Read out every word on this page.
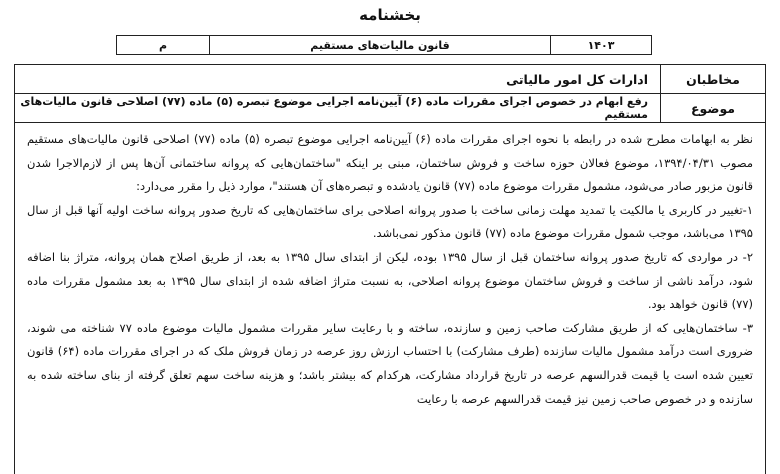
بخشنامه
۱۴۰۳
قانون مالیات‌های مستقیم
م
مخاطبان
ادارات کل امور مالیاتی
موضوع
رفع ابهام در خصوص اجرای مقررات ماده (۶) آیین‌نامه اجرایی موضوع تبصره (۵) ماده (۷۷) اصلاحی قانون مالیات‌های مستقیم

نظر به ابهامات مطرح شده در رابطه با نحوه اجرای مقررات ماده (۶) آیین‌نامه اجرایی موضوع تبصره (۵) ماده (۷۷) اصلاحی قانون مالیات‌های مستقیم مصوب ۱۳۹۴/۰۴/۳۱، موضوع فعالان حوزه ساخت و فروش ساختمان، مبنی بر اینکه "ساختمان‌هایی که پروانه ساختمانی آن‌ها پس از لازم‌الاجرا شدن قانون مزبور صادر می‌شود، مشمول مقررات موضوع ماده (۷۷) قانون یادشده و تبصره‌های آن هستند"، موارد ذیل را مقرر می‌دارد:

۱-تغییر در کاربری یا مالکیت یا تمدید مهلت زمانی ساخت با صدور پروانه اصلاحی برای ساختمان‌هایی که تاریخ صدور پروانه ساخت اولیه آنها قبل از سال ۱۳۹۵ می‌باشد، موجب شمول مقررات موضوع ماده (۷۷) قانون مذکور نمی‌باشد.

۲- در مواردی که تاریخ صدور پروانه ساختمان قبل از سال ۱۳۹۵ بوده، لیکن از ابتدای سال ۱۳۹۵ به بعد، از طریق اصلاح همان پروانه، متراژ بنا اضافه شود، درآمد ناشی از ساخت و فروش ساختمان موضوع پروانه اصلاحی، به نسبت متراژ اضافه شده از ابتدای سال ۱۳۹۵ به بعد مشمول مقررات ماده (۷۷) قانون خواهد بود.

۳- ساختمان‌هایی که از طریق مشارکت صاحب زمین و سازنده، ساخته و با رعایت سایر مقررات مشمول مالیات موضوع ماده ۷۷ شناخته می شوند، ضروری است درآمد مشمول مالیات سازنده (طرف مشارکت) با احتساب ارزش روز عرصه در زمان فروش ملک که در اجرای مقررات ماده (۶۴) قانون تعیین شده است یا قیمت قدرالسهم عرصه در تاریخ قرارداد مشارکت، هرکدام که بیشتر باشد؛ و هزینه ساخت سهم تعلق گرفته از بنای ساخته شده به سازنده و در خصوص صاحب زمین نیز قیمت قدرالسهم عرصه با رعایت
